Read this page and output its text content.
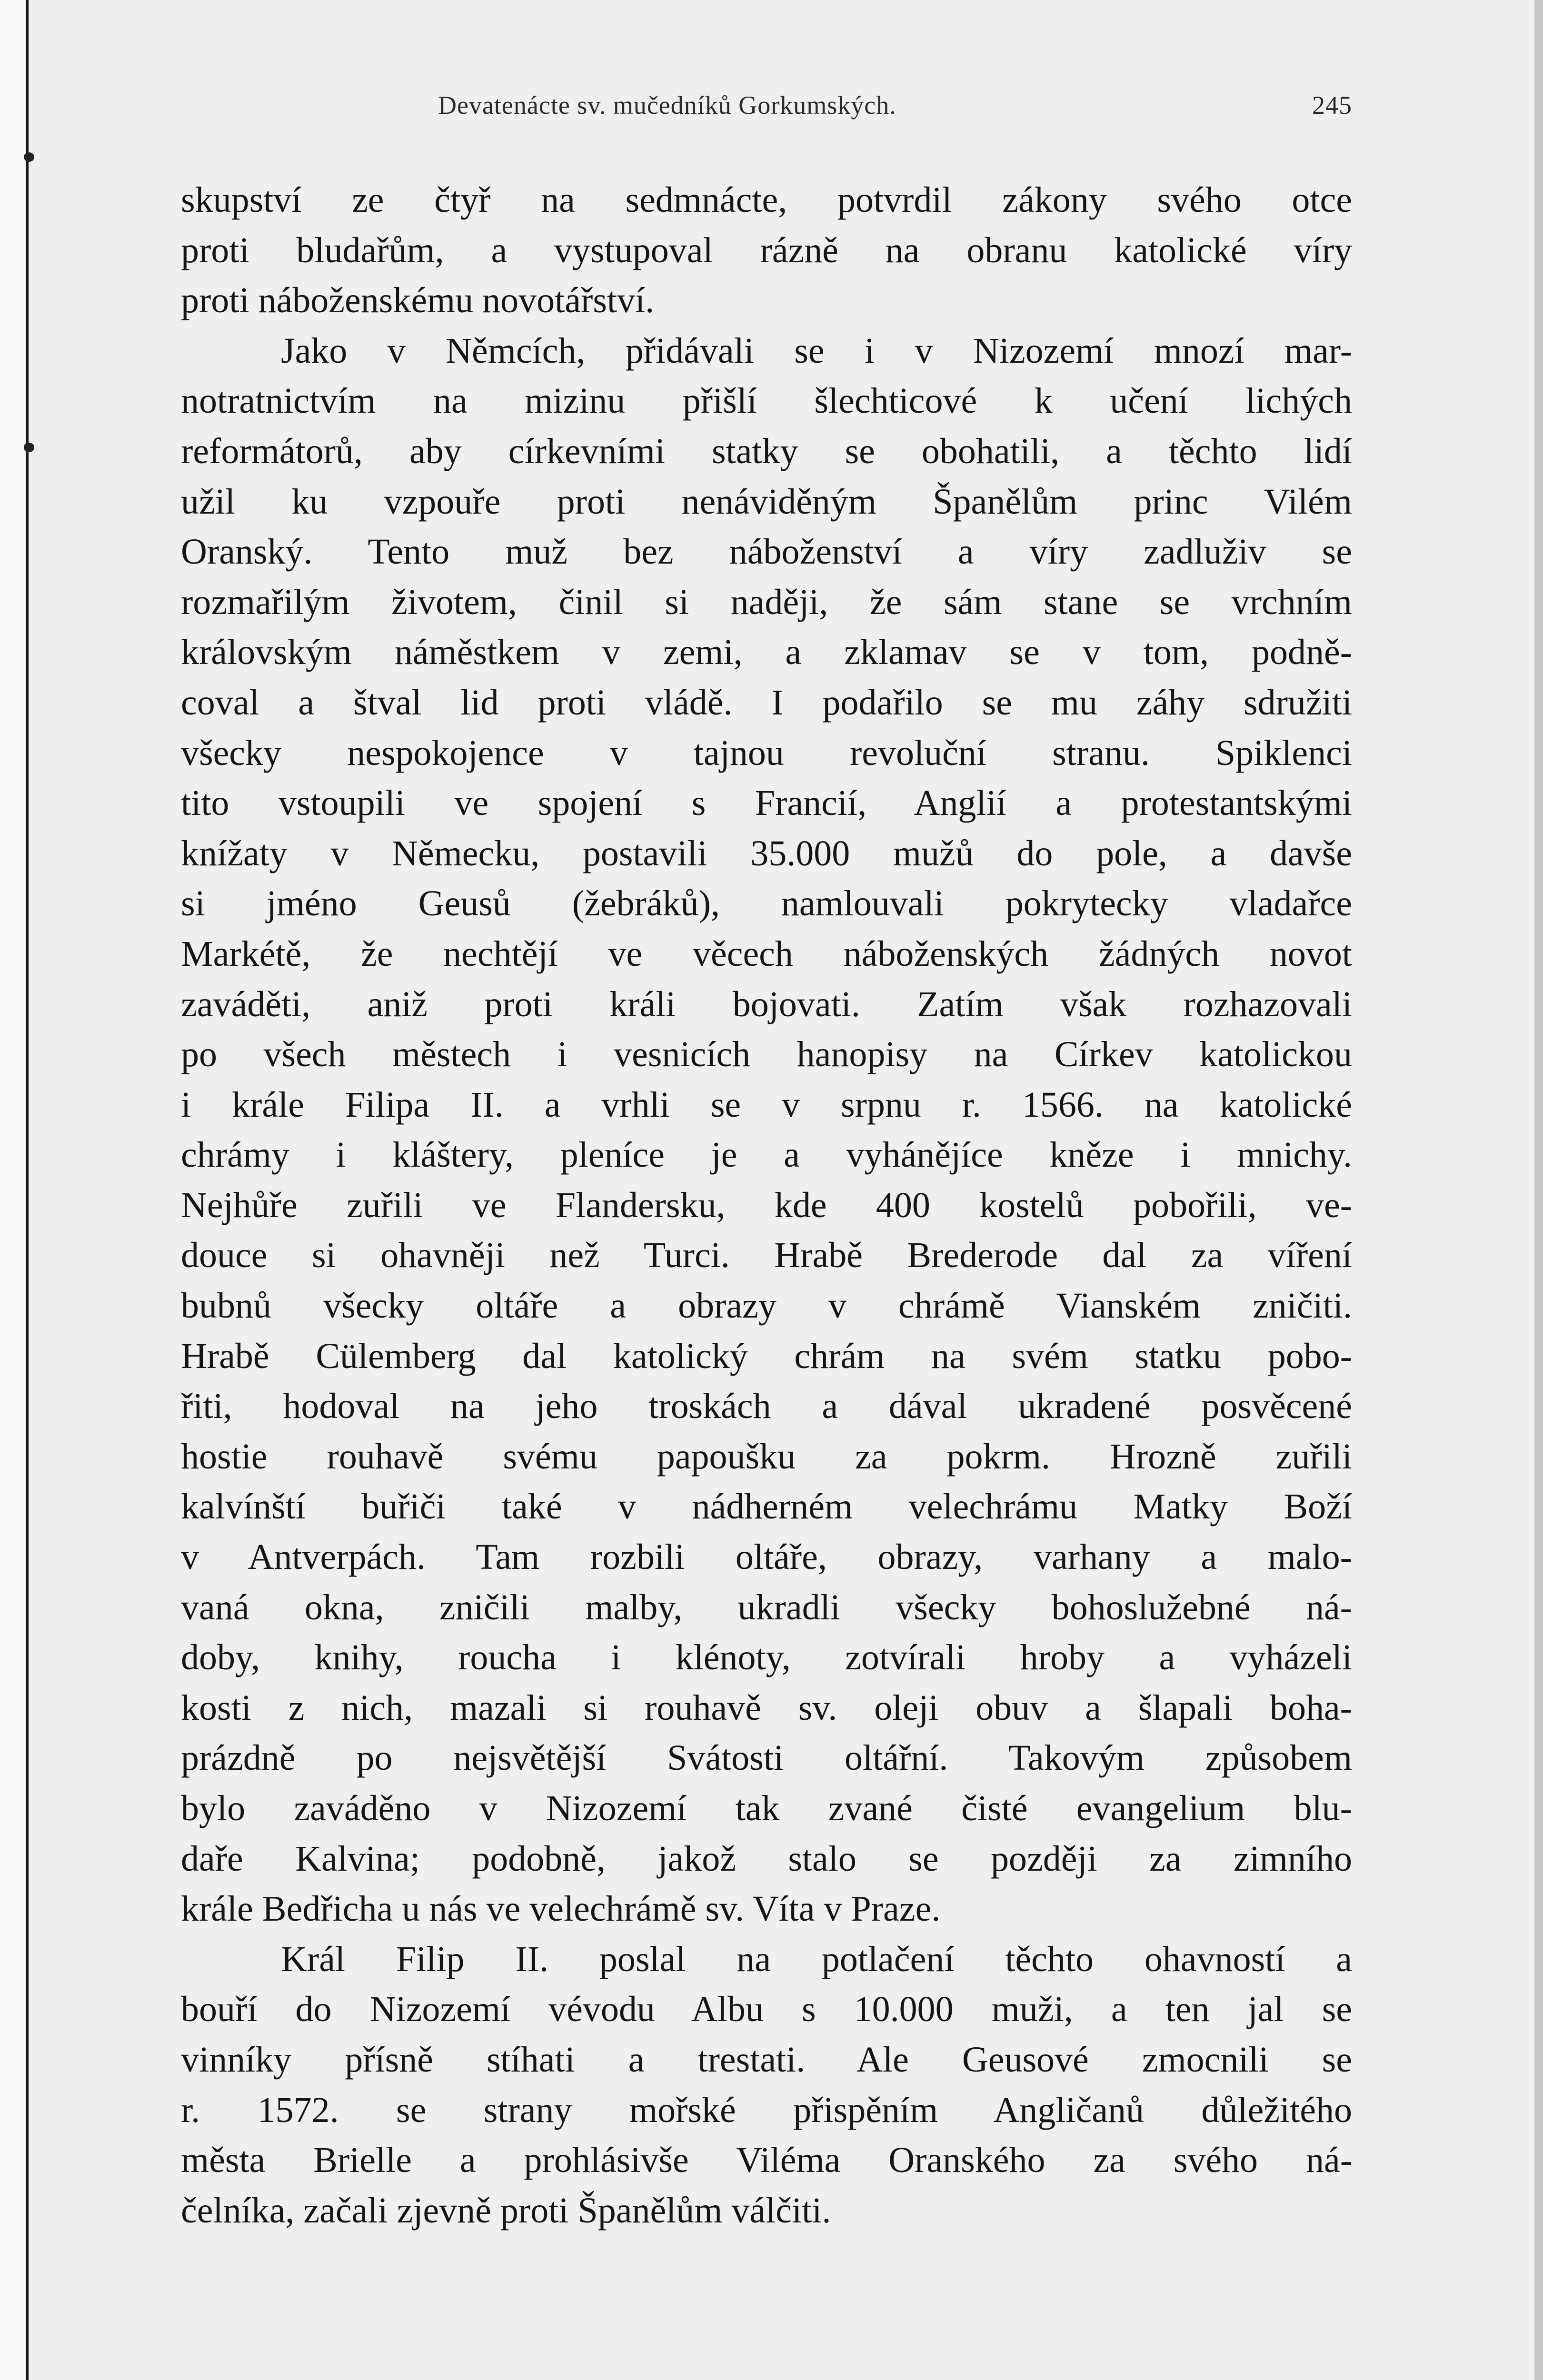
Devatenácte sv. mučedníků Gorkumských.	245
skupství ze čtyř na sedmnácte, potvrdil zákony svého otce
proti bludařům, a vystupoval rázně na obranu katolické víry
proti náboženskému novotářství.
Jako v Němcích, přidávali se i v Nizozemí mnozí mar-
notratnictvím na mizinu přišlí šlechticové k učení lichých
reformátorů, aby církevními statky se obohatili, a těchto lidí
užil ku vzpouře proti nenáviděným Španělům princ Vilém
Oranský. Tento muž bez náboženství a víry zadluživ se
rozmařilým životem, činil si naději, že sám stane se vrchním
královským náměstkem v zemi, a zklamav se v tom, podně-
coval a štval lid proti vládě. I podařilo se mu záhy sdružiti
všecky nespokojence v tajnou revoluční stranu. Spiklenci
tito vstoupili ve spojení s Francií, Anglií a protestantskými
knížaty v Německu, postavili 35.000 mužů do pole, a davše
si jméno Geusů (žebráků), namlouvali pokrytecky vladařce
Markétě, že nechtějí ve věcech náboženských žádných novot
zaváděti, aniž proti králi bojovati. Zatím však rozhazovali
po všech městech i vesnicích hanopisy na Církev katolickou
i krále Filipa II. a vrhli se v srpnu r. 1566. na katolické
chrámy i kláštery, pleníce je a vyhánějíce kněze i mnichy.
Nejhůře zuřili ve Flandersku, kde 400 kostelů pobořili, ve-
douce si ohavněji než Turci. Hrabě Brederode dal za víření
bubnů všecky oltáře a obrazy v chrámě Vianském zničiti.
Hrabě Cülemberg dal katolický chrám na svém statku pobo-
řiti, hodoval na jeho troskách a dával ukradené posvěcené
hostie rouhavě svému papoušku za pokrm. Hrozně zuřili
kalvínští buřiči také v nádherném velechrámu Matky Boží
v Antverpách. Tam rozbili oltáře, obrazy, varhany a malo-
vaná okna, zničili malby, ukradli všecky bohoslužebné ná-
doby, knihy, roucha i klénoty, zotvírali hroby a vyházeli
kosti z nich, mazali si rouhavě sv. oleji obuv a šlapali boha-
prázdně po nejsvětější Svátosti oltářní. Takovým způsobem
bylo zaváděno v Nizozemí tak zvané čisté evangelium blu-
daře Kalvina; podobně, jakož stalo se později za zimního
krále Bedřicha u nás ve velechrámě sv. Víta v Praze.
Král Filip II. poslal na potlačení těchto ohavností a
bouří do Nizozemí vévodu Albu s 10.000 muži, a ten jal se
vinníky přísně stíhati a trestati. Ale Geusové zmocnili se
r. 1572. se strany mořské přispěním Angličanů důležitého
města Brielle a prohlásivše Viléma Oranského za svého ná-
čelníka, začali zjevně proti Španělům válčiti.
